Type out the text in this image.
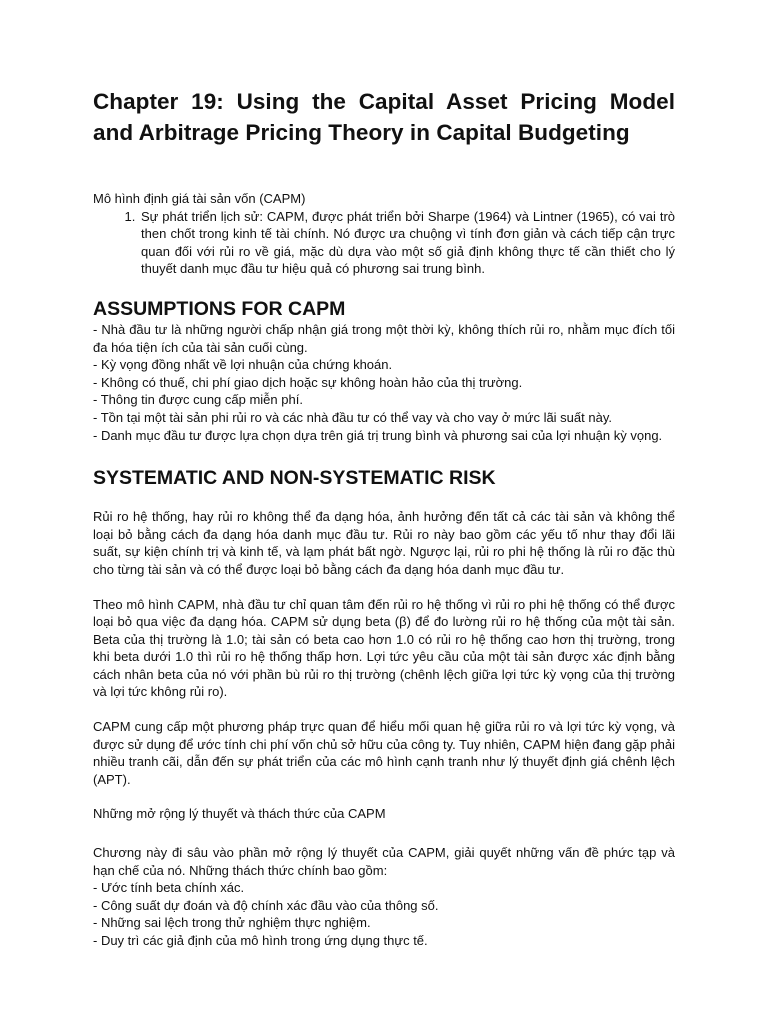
Chapter 19: Using the Capital Asset Pricing Model and Arbitrage Pricing Theory in Capital Budgeting

Mô hình định giá tài sản vốn (CAPM)

1. Sự phát triển lịch sử: CAPM, được phát triển bởi Sharpe (1964) và Lintner (1965), có vai trò then chốt trong kinh tế tài chính. Nó được ưa chuộng vì tính đơn giản và cách tiếp cận trực quan đối với rủi ro về giá, mặc dù dựa vào một số giả định không thực tế cần thiết cho lý thuyết danh mục đầu tư hiệu quả có phương sai trung bình.
ASSUMPTIONS FOR CAPM
- Nhà đầu tư là những người chấp nhận giá trong một thời kỳ, không thích rủi ro, nhằm mục đích tối đa hóa tiện ích của tài sản cuối cùng.
- Kỳ vọng đồng nhất về lợi nhuận của chứng khoán.
- Không có thuế, chi phí giao dịch hoặc sự không hoàn hảo của thị trường.
- Thông tin được cung cấp miễn phí.
- Tồn tại một tài sản phi rủi ro và các nhà đầu tư có thể vay và cho vay ở mức lãi suất này.
- Danh mục đầu tư được lựa chọn dựa trên giá trị trung bình và phương sai của lợi nhuận kỳ vọng.
SYSTEMATIC AND NON-SYSTEMATIC RISK

Rủi ro hệ thống, hay rủi ro không thể đa dạng hóa, ảnh hưởng đến tất cả các tài sản và không thể loại bỏ bằng cách đa dạng hóa danh mục đầu tư. Rủi ro này bao gồm các yếu tố như thay đổi lãi suất, sự kiện chính trị và kinh tế, và lạm phát bất ngờ. Ngược lại, rủi ro phi hệ thống là rủi ro đặc thù cho từng tài sản và có thể được loại bỏ bằng cách đa dạng hóa danh mục đầu tư.

Theo mô hình CAPM, nhà đầu tư chỉ quan tâm đến rủi ro hệ thống vì rủi ro phi hệ thống có thể được loại bỏ qua việc đa dạng hóa. CAPM sử dụng beta (β) để đo lường rủi ro hệ thống của một tài sản. Beta của thị trường là 1.0; tài sản có beta cao hơn 1.0 có rủi ro hệ thống cao hơn thị trường, trong khi beta dưới 1.0 thì rủi ro hệ thống thấp hơn. Lợi tức yêu cầu của một tài sản được xác định bằng cách nhân beta của nó với phần bù rủi ro thị trường (chênh lệch giữa lợi tức kỳ vọng của thị trường và lợi tức không rủi ro).

CAPM cung cấp một phương pháp trực quan để hiểu mối quan hệ giữa rủi ro và lợi tức kỳ vọng, và được sử dụng để ước tính chi phí vốn chủ sở hữu của công ty. Tuy nhiên, CAPM hiện đang gặp phải nhiều tranh cãi, dẫn đến sự phát triển của các mô hình cạnh tranh như lý thuyết định giá chênh lệch (APT).

Những mở rộng lý thuyết và thách thức của CAPM

Chương này đi sâu vào phần mở rộng lý thuyết của CAPM, giải quyết những vấn đề phức tạp và hạn chế của nó. Những thách thức chính bao gồm:

- Ước tính beta chính xác.
- Công suất dự đoán và độ chính xác đầu vào của thông số.
- Những sai lệch trong thử nghiệm thực nghiệm.
- Duy trì các giả định của mô hình trong ứng dụng thực tế.
